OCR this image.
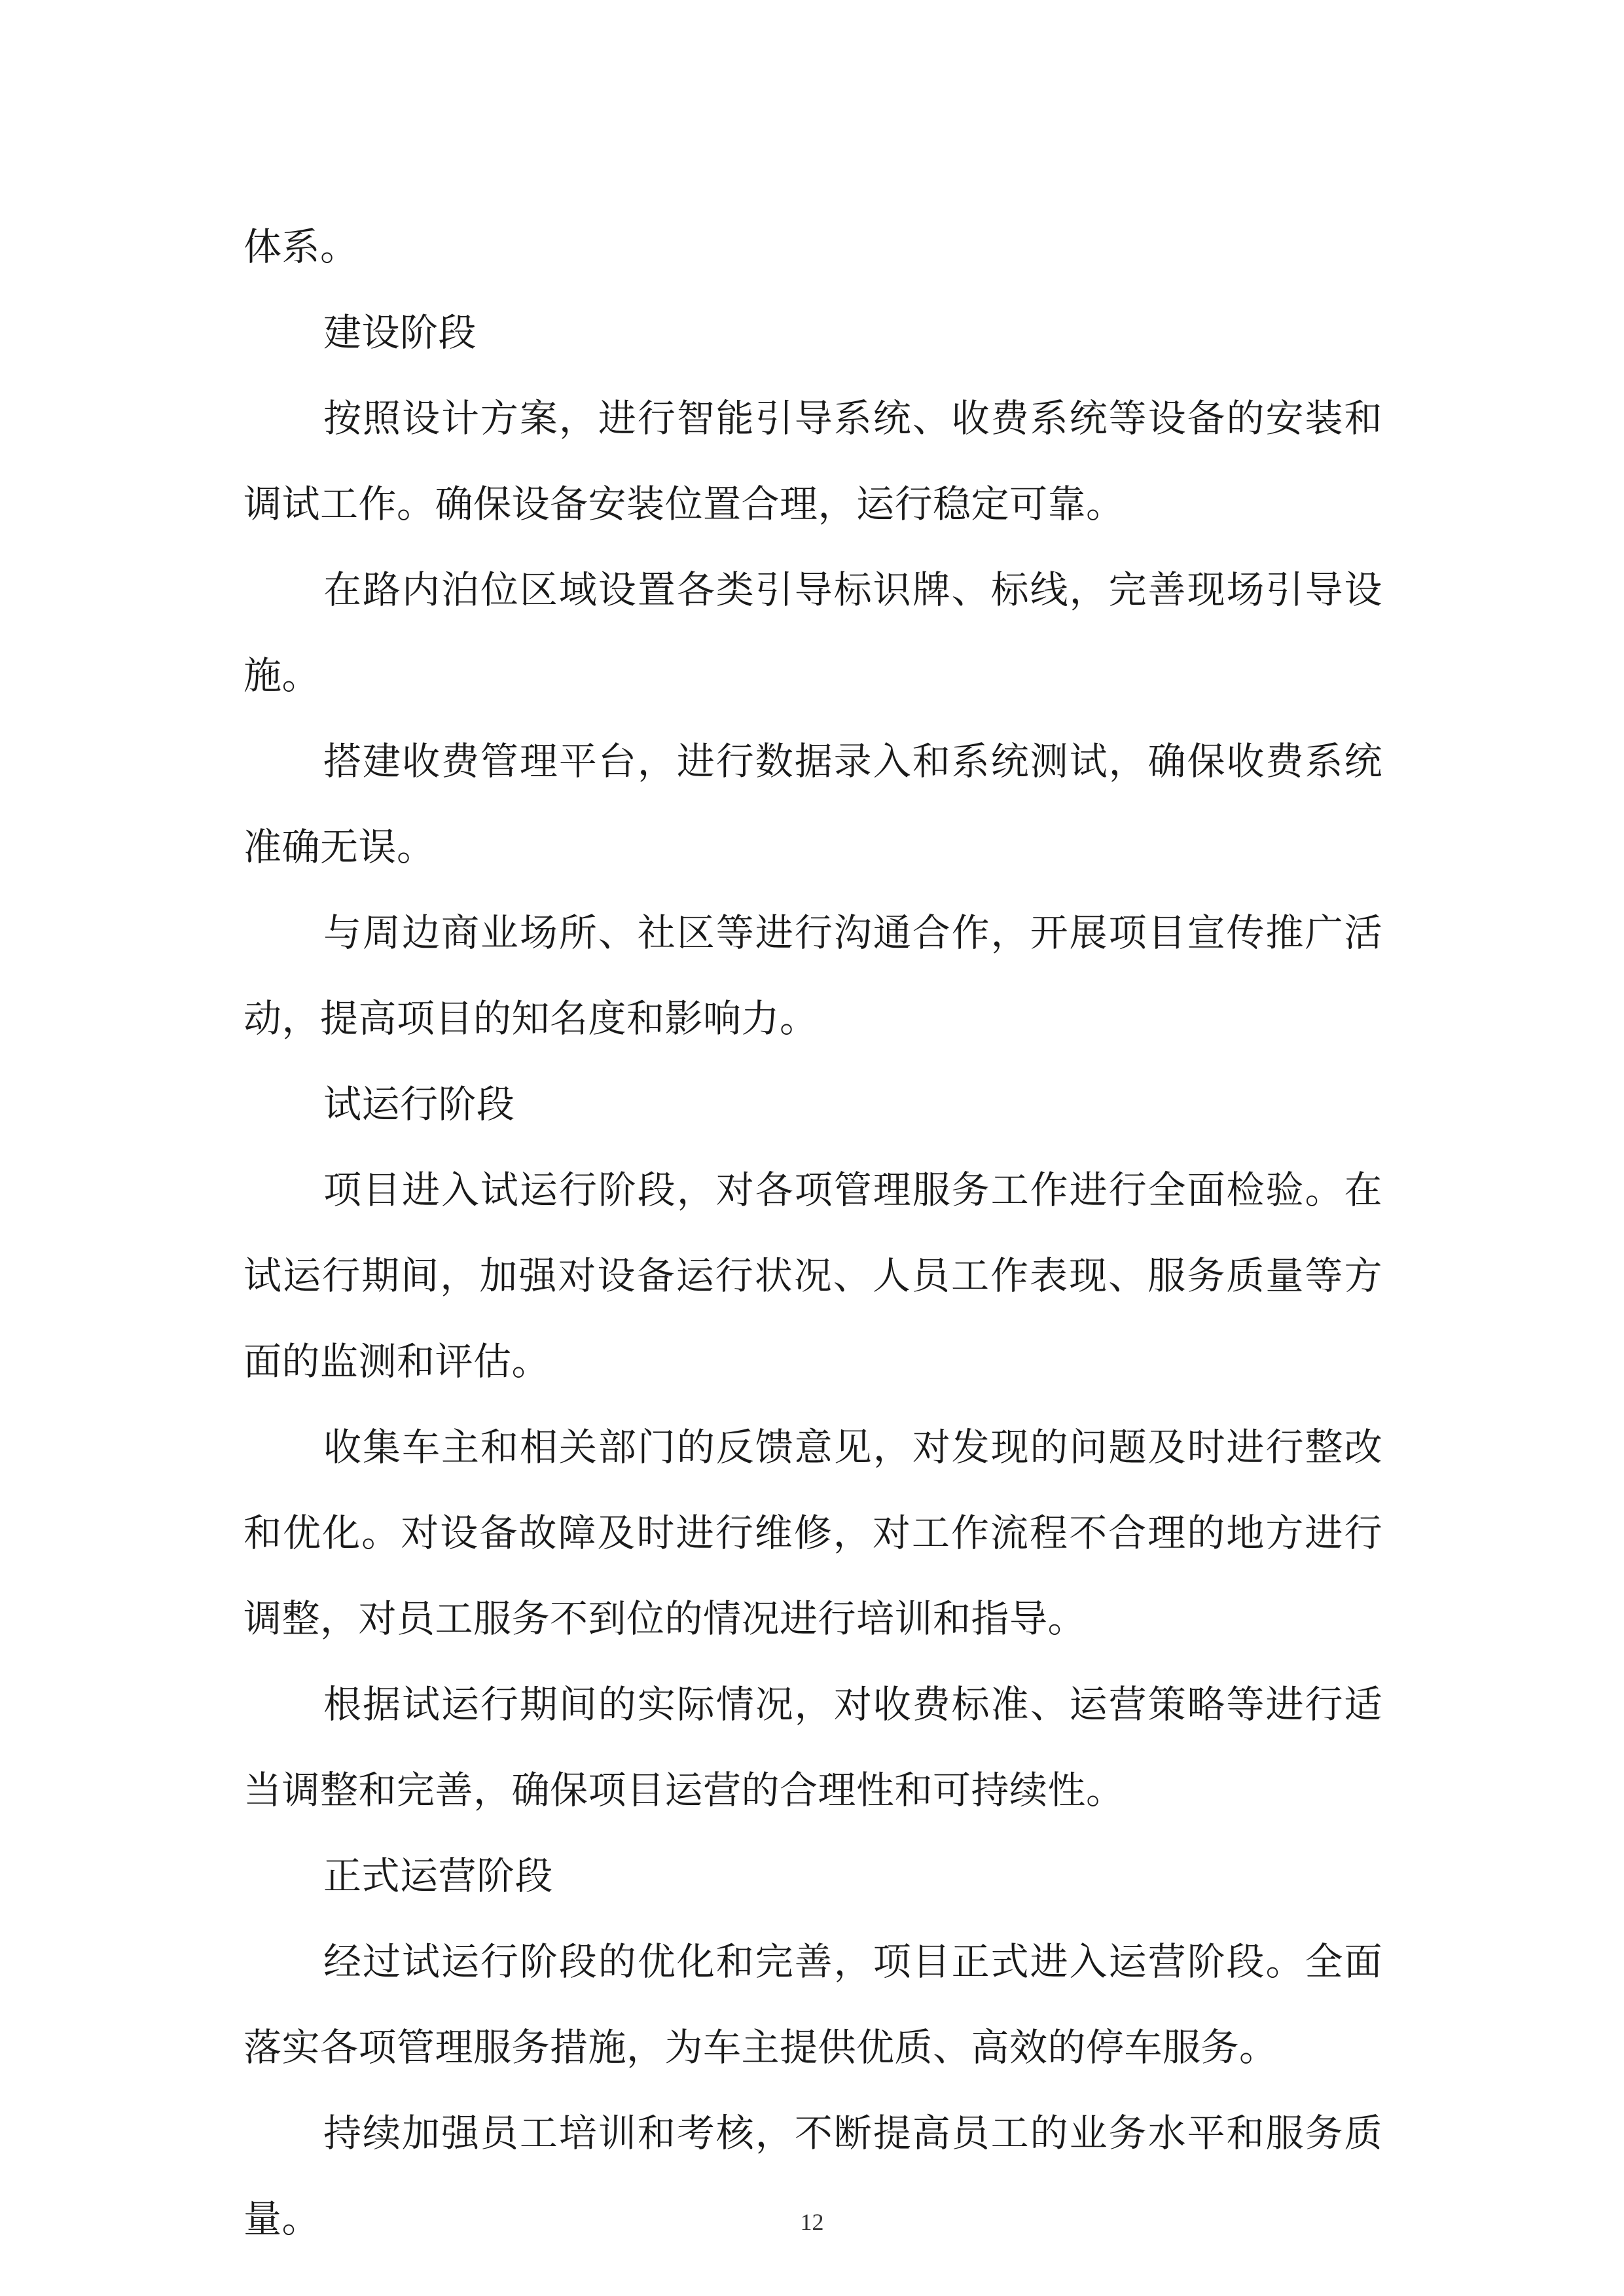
体系。

建设阶段

按照设计方案，进行智能引导系统、收费系统等设备的安装和调试工作。确保设备安装位置合理，运行稳定可靠。

在路内泊位区域设置各类引导标识牌、标线，完善现场引导设施。

搭建收费管理平台，进行数据录入和系统测试，确保收费系统准确无误。

与周边商业场所、社区等进行沟通合作，开展项目宣传推广活动，提高项目的知名度和影响力。

试运行阶段

项目进入试运行阶段，对各项管理服务工作进行全面检验。在试运行期间，加强对设备运行状况、人员工作表现、服务质量等方面的监测和评估。

收集车主和相关部门的反馈意见，对发现的问题及时进行整改和优化。对设备故障及时进行维修，对工作流程不合理的地方进行调整，对员工服务不到位的情况进行培训和指导。

根据试运行期间的实际情况，对收费标准、运营策略等进行适当调整和完善，确保项目运营的合理性和可持续性。

正式运营阶段

经过试运行阶段的优化和完善，项目正式进入运营阶段。全面落实各项管理服务措施，为车主提供优质、高效的停车服务。

持续加强员工培训和考核，不断提高员工的业务水平和服务质量。	12
